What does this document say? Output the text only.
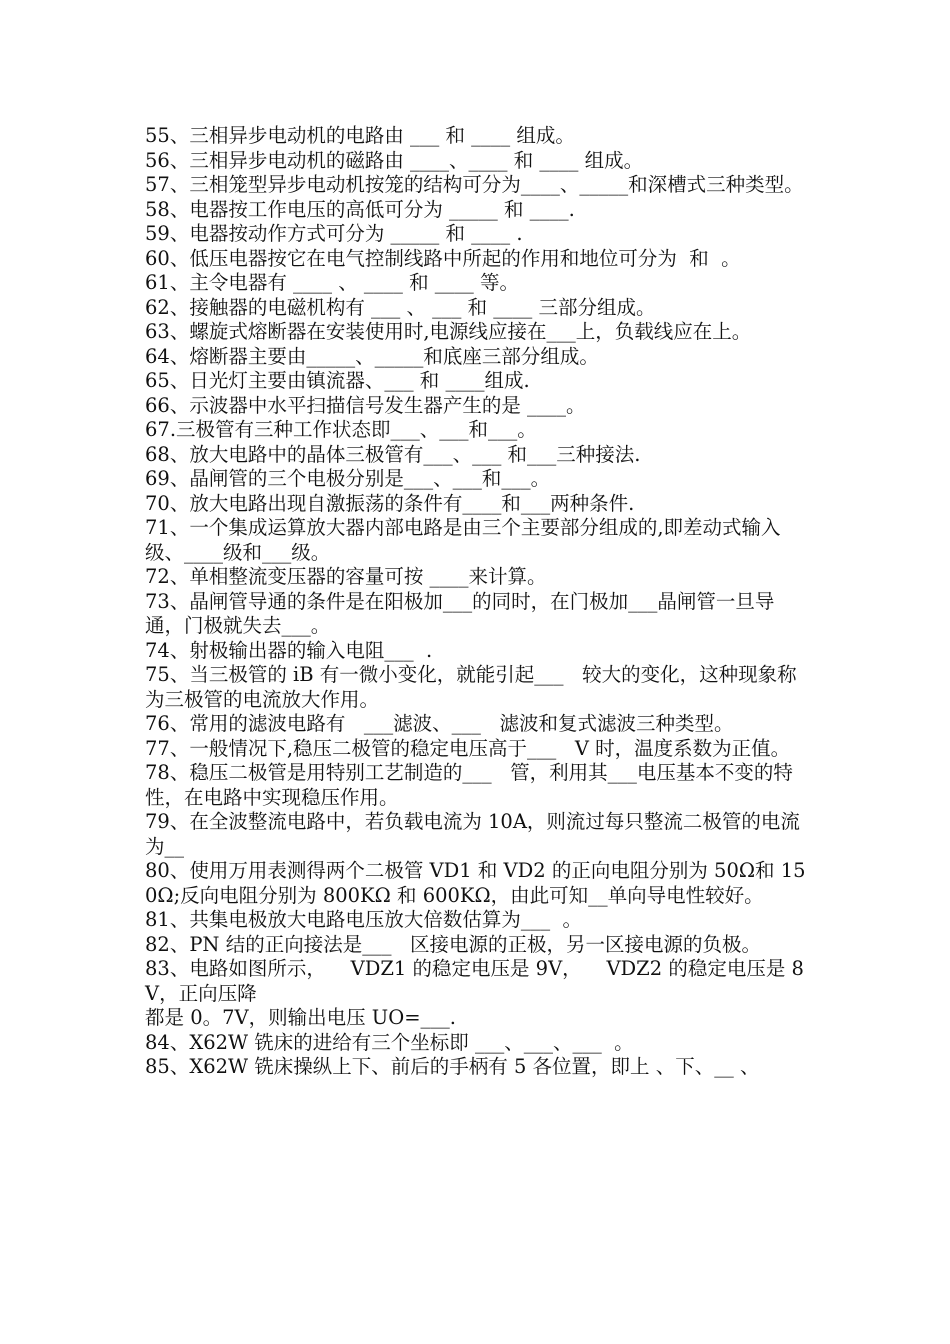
55、三相异步电动机的电路由 ___ 和 ____ 组成。

56、三相异步电动机的磁路由 ____、____ 和 ____ 组成。

57、三相笼型异步电动机按笼的结构可分为____、_____和深槽式三种类型。

58、电器按工作电压的高低可分为 _____ 和 ____.

59、电器按动作方式可分为 _____ 和 ____ .

60、低压电器按它在电气控制线路中所起的作用和地位可分为  和  。

61、主令电器有 ____ 、 ____ 和 ____ 等。

62、接触器的电磁机构有 ___ 、 ___ 和 ____ 三部分组成。

63、螺旋式熔断器在安装使用时,电源线应接在___上，负载线应在上。

64、熔断器主要由_____、_____和底座三部分组成。

65、日光灯主要由镇流器、___ 和 ____组成.

66、示波器中水平扫描信号发生器产生的是 ____。

67.三极管有三种工作状态即___、___和___。

68、放大电路中的晶体三极管有___、___ 和___三种接法.

69、晶闸管的三个电极分别是___、___和___。

70、放大电路出现自激振荡的条件有____和___两种条件.

71、一个集成运算放大器内部电路是由三个主要部分组成的,即差动式输入级、____级和___级。

72、单相整流变压器的容量可按 ____来计算。

73、晶闸管导通的条件是在阳极加___的同时，在门极加___晶闸管一旦导通，门极就失去___。

74、射极输出器的输入电阻___  .

75、当三极管的 iB 有一微小变化，就能引起___   较大的变化，这种现象称为三极管的电流放大作用。

76、常用的滤波电路有   ___滤波、___   滤波和复式滤波三种类型。

77、一般情况下,稳压二极管的稳定电压高于___   V 时，温度系数为正值。

78、稳压二极管是用特别工艺制造的___   管，利用其___电压基本不变的特性，在电路中实现稳压作用。

79、在全波整流电路中，若负载电流为 10A，则流过每只整流二极管的电流为__

80、使用万用表测得两个二极管 VD1 和 VD2 的正向电阻分别为 50Ω和 150Ω;反向电阻分别为 800KΩ 和 600KΩ，由此可知__单向导电性较好。

81、共集电极放大电路电压放大倍数估算为___  。

82、PN 结的正向接法是___   区接电源的正极，另一区接电源的负极。

83、电路如图所示，    VDZ1 的稳定电压是 9V，    VDZ2 的稳定电压是 8V，正向压降

都是 0。7V，则输出电压 UO=___.

84、X62W 铣床的进给有三个坐标即 ___、___、___  。

85、X62W 铣床操纵上下、前后的手柄有 5 各位置，即上 、下、__ 、
